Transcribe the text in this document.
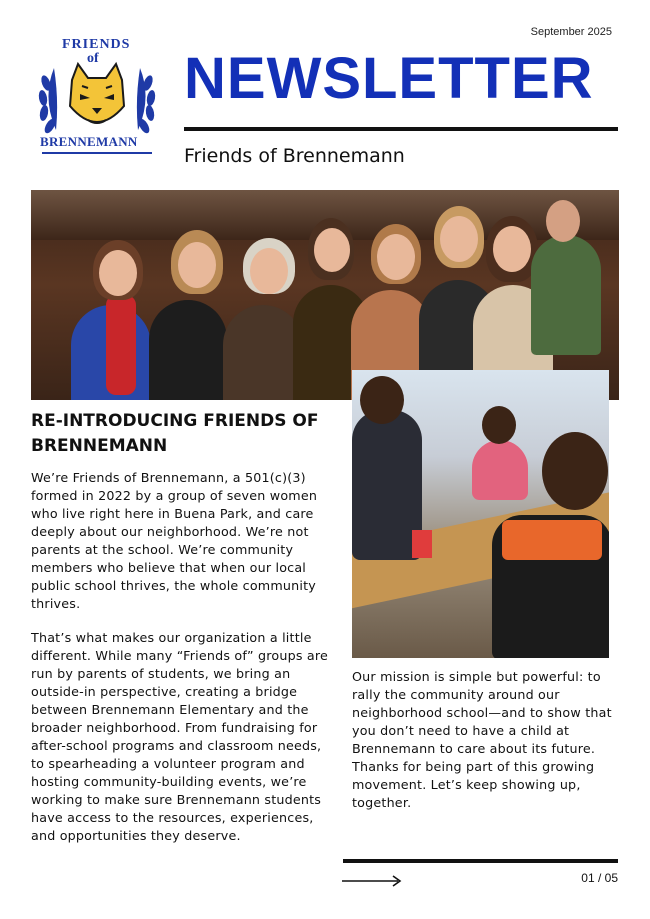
FRIENDS
of
BRENNEMANN
September 2025
NEWSLETTER
Friends of Brennemann
RE-INTRODUCING FRIENDS OF BRENNEMANN

We’re Friends of Brennemann, a 501(c)(3) formed in 2022 by a group of seven women who live right here in Buena Park, and care deeply about our neighborhood. We’re not parents at the school. We’re community members who believe that when our local public school thrives, the whole community thrives.

That’s what makes our organization a little different. While many “Friends of” groups are run by parents of students, we bring an outside-in perspective, creating a bridge between Brennemann Elementary and the broader neighborhood. From fundraising for after-school programs and classroom needs, to spearheading a volunteer program and hosting community-building events, we’re working to make sure Brennemann students have access to the resources, experiences, and opportunities they deserve.

Our mission is simple but powerful: to rally the community around our neighborhood school—and to show that you don’t need to have a child at Brennemann to care about its future. Thanks for being part of this growing movement. Let’s keep showing up, together.

01 / 05
